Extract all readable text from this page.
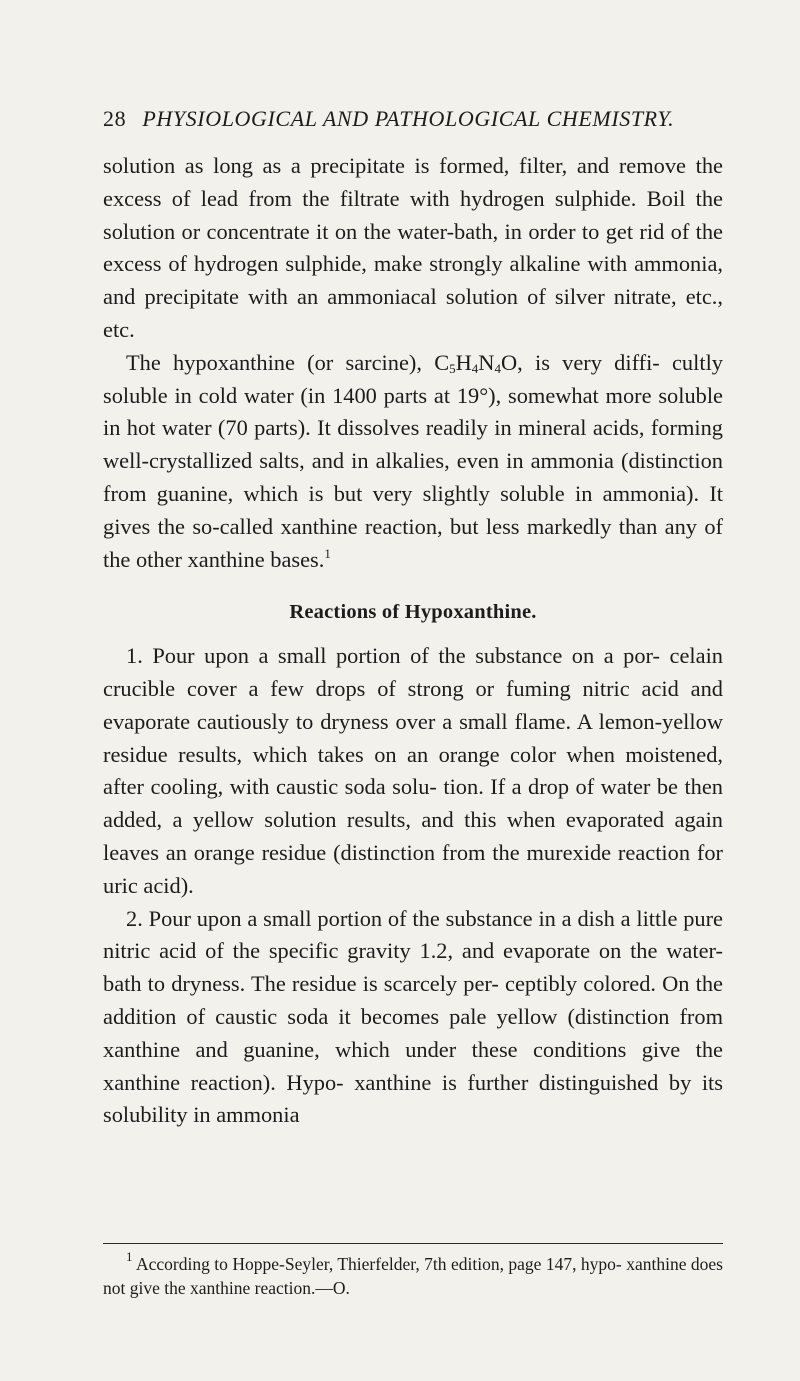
28 PHYSIOLOGICAL AND PATHOLOGICAL CHEMISTRY.

solution as long as a precipitate is formed, filter, and remove the excess of lead from the filtrate with hydrogen sulphide. Boil the solution or concentrate it on the water-bath, in order to get rid of the excess of hydrogen sulphide, make strongly alkaline with ammonia, and precipitate with an ammoniacal solution of silver nitrate, etc., etc.

The hypoxanthine (or sarcine), $C_5H_4N_4O$, is very diffi- cultly soluble in cold water (in 1400 parts at 19°), somewhat more soluble in hot water (70 parts). It dissolves readily in mineral acids, forming well-crystallized salts, and in alkalies, even in ammonia (distinction from guanine, which is but very slightly soluble in ammonia). It gives the so-called xanthine reaction, but less markedly than any of the other xanthine bases.$^1$

Reactions of Hypoxanthine.

1. Pour upon a small portion of the substance on a por- celain crucible cover a few drops of strong or fuming nitric acid and evaporate cautiously to dryness over a small flame. A lemon-yellow residue results, which takes on an orange color when moistened, after cooling, with caustic soda solu- tion. If a drop of water be then added, a yellow solution results, and this when evaporated again leaves an orange residue (distinction from the murexide reaction for uric acid).

2. Pour upon a small portion of the substance in a dish a little pure nitric acid of the specific gravity 1.2, and evaporate on the water-bath to dryness. The residue is scarcely per- ceptibly colored. On the addition of caustic soda it becomes pale yellow (distinction from xanthine and guanine, which under these conditions give the xanthine reaction). Hypo- xanthine is further distinguished by its solubility in ammonia

$^1$ According to Hoppe-Seyler, Thierfelder, 7th edition, page 147, hypo- xanthine does not give the xanthine reaction.—O.
